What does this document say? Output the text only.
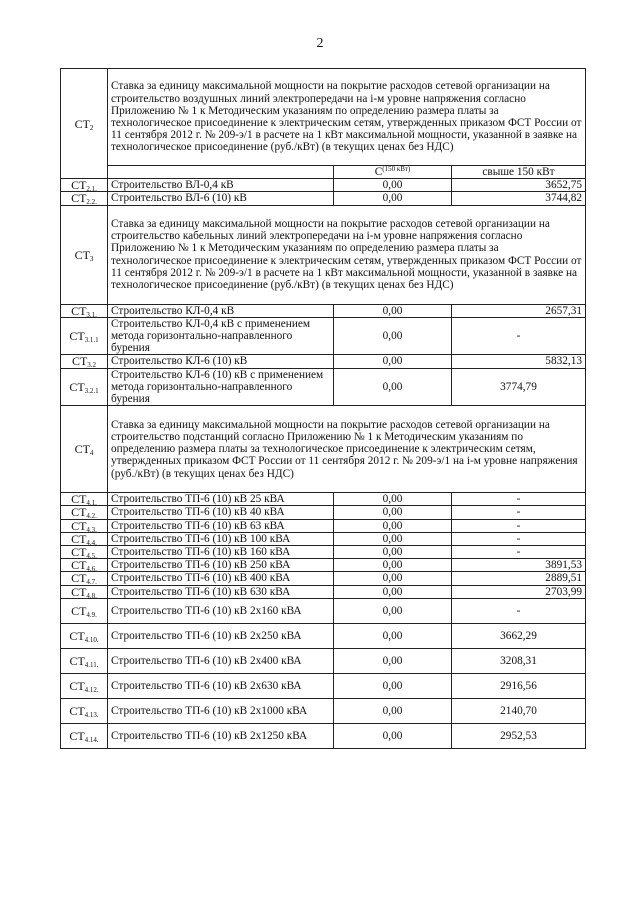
2
$СТ_2$	Ставка за единицу максимальной мощности на покрытие расходов сетевой организации на строительство воздушных линий электропередачи на i-м уровне напряжения согласно Приложению № 1 к Методическим указаниям по определению размера платы за технологическое присоединение к электрическим сетям, утвержденных приказом ФСТ России от 11 сентября 2012 г. № 209-э/1 в расчете на 1 кВт максимальной мощности, указанной в заявке на технологическое присоединение (руб./кВт) (в текущих ценах без НДС)		
		$С^{(150 кВт)}$	свыше 150 кВт
$СТ_{2.1.}$	Строительство ВЛ-0,4 кВ	0,00	3652,75
$СТ_{2.2.}$	Строительство ВЛ-6 (10) кВ	0,00	3744,82
$СТ_3$	Ставка за единицу максимальной мощности на покрытие расходов сетевой организации на строительство кабельных линий электропередачи на i-м уровне напряжения согласно Приложению № 1 к Методическим указаниям по определению размера платы за технологическое присоединение к электрическим сетям, утвержденных приказом ФСТ России от 11 сентября 2012 г. № 209-э/1 в расчете на 1 кВт максимальной мощности, указанной в заявке на технологическое присоединение (руб./кВт) (в текущих ценах без НДС)		
$СТ_{3.1.}$	Строительство КЛ-0,4 кВ	0,00	2657,31
$СТ_{3.1.1}$	Строительство КЛ-0,4 кВ с применением метода горизонтально-направленного бурения	0,00	-
$СТ_{3.2}$	Строительство КЛ-6 (10) кВ	0,00	5832,13
$СТ_{3.2.1}$	Строительство КЛ-6 (10) кВ с применением метода горизонтально-направленного бурения	0,00	3774,79
$СТ_4$	Ставка за единицу максимальной мощности на покрытие расходов сетевой организации на строительство подстанций согласно Приложению № 1 к Методическим указаниям по определению размера платы за технологическое присоединение к электрическим сетям, утвержденных приказом ФСТ России от 11 сентября 2012 г. № 209-э/1 на i-м уровне напряжения (руб./кВт) (в текущих ценах без НДС)		
$СТ_{4.1.}$	Строительство ТП-6 (10) кВ 25 кВА	0,00	-
$СТ_{4.2.}$	Строительство ТП-6 (10) кВ 40 кВА	0,00	-
$СТ_{4.3.}$	Строительство ТП-6 (10) кВ 63 кВА	0,00	-
$СТ_{4.4.}$	Строительство ТП-6 (10) кВ 100 кВА	0,00	-
$СТ_{4.5.}$	Строительство ТП-6 (10) кВ 160 кВА	0,00	-
$СТ_{4.6.}$	Строительство ТП-6 (10) кВ 250 кВА	0,00	3891,53
$СТ_{4.7.}$	Строительство ТП-6 (10) кВ 400 кВА	0,00	2889,51
$СТ_{4.8.}$	Строительство ТП-6 (10) кВ 630 кВА	0,00	2703,99
$СТ_{4.9.}$	Строительство ТП-6 (10) кВ 2х160 кВА	0,00	-
$СТ_{4.10.}$	Строительство ТП-6 (10) кВ 2х250 кВА	0,00	3662,29
$СТ_{4.11.}$	Строительство ТП-6 (10) кВ 2х400 кВА	0,00	3208,31
$СТ_{4.12.}$	Строительство ТП-6 (10) кВ 2х630 кВА	0,00	2916,56
$СТ_{4.13.}$	Строительство ТП-6 (10) кВ 2х1000 кВА	0,00	2140,70
$СТ_{4.14.}$	Строительство ТП-6 (10) кВ 2х1250 кВА	0,00	2952,53
